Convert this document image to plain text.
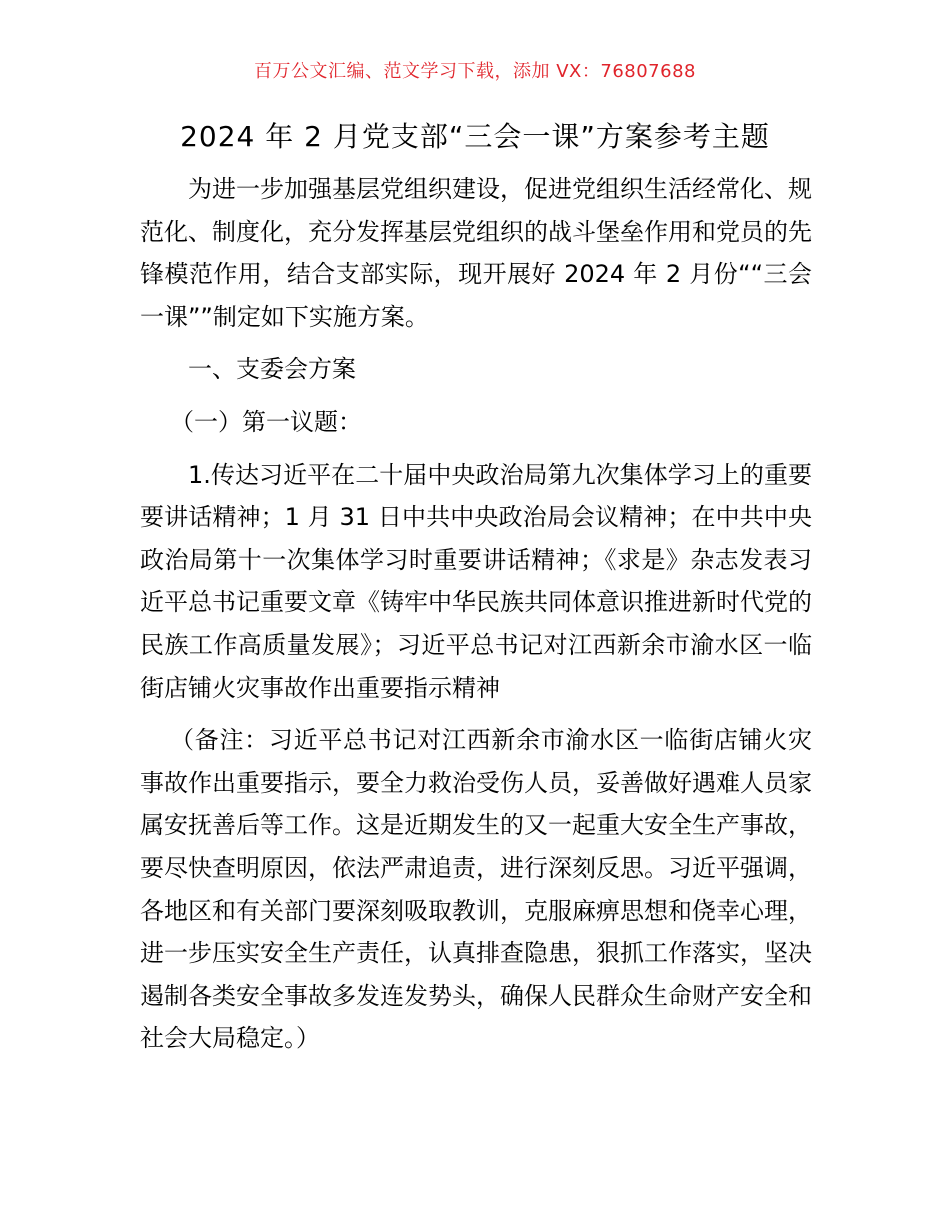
百万公文汇编、范文学习下载，添加 VX：76807688
2024 年 2 月党支部“三会一课”方案参考主题

为进一步加强基层党组织建设，促进党组织生活经常化、规范化、制度化，充分发挥基层党组织的战斗堡垒作用和党员的先锋模范作用，结合支部实际，现开展好 2024 年 2 月份““三会一课””制定如下实施方案。

一、支委会方案

（一）第一议题：

1.传达习近平在二十届中央政治局第九次集体学习上的重要要讲话精神；1 月 31 日中共中央政治局会议精神；在中共中央政治局第十一次集体学习时重要讲话精神；《求是》杂志发表习近平总书记重要文章《铸牢中华民族共同体意识推进新时代党的民族工作高质量发展》；习近平总书记对江西新余市渝水区一临街店铺火灾事故作出重要指示精神

（备注：习近平总书记对江西新余市渝水区一临街店铺火灾事故作出重要指示，要全力救治受伤人员，妥善做好遇难人员家属安抚善后等工作。这是近期发生的又一起重大安全生产事故，要尽快查明原因，依法严肃追责，进行深刻反思。习近平强调，各地区和有关部门要深刻吸取教训，克服麻痹思想和侥幸心理，进一步压实安全生产责任，认真排查隐患，狠抓工作落实，坚决遏制各类安全事故多发连发势头，确保人民群众生命财产安全和社会大局稳定。）
